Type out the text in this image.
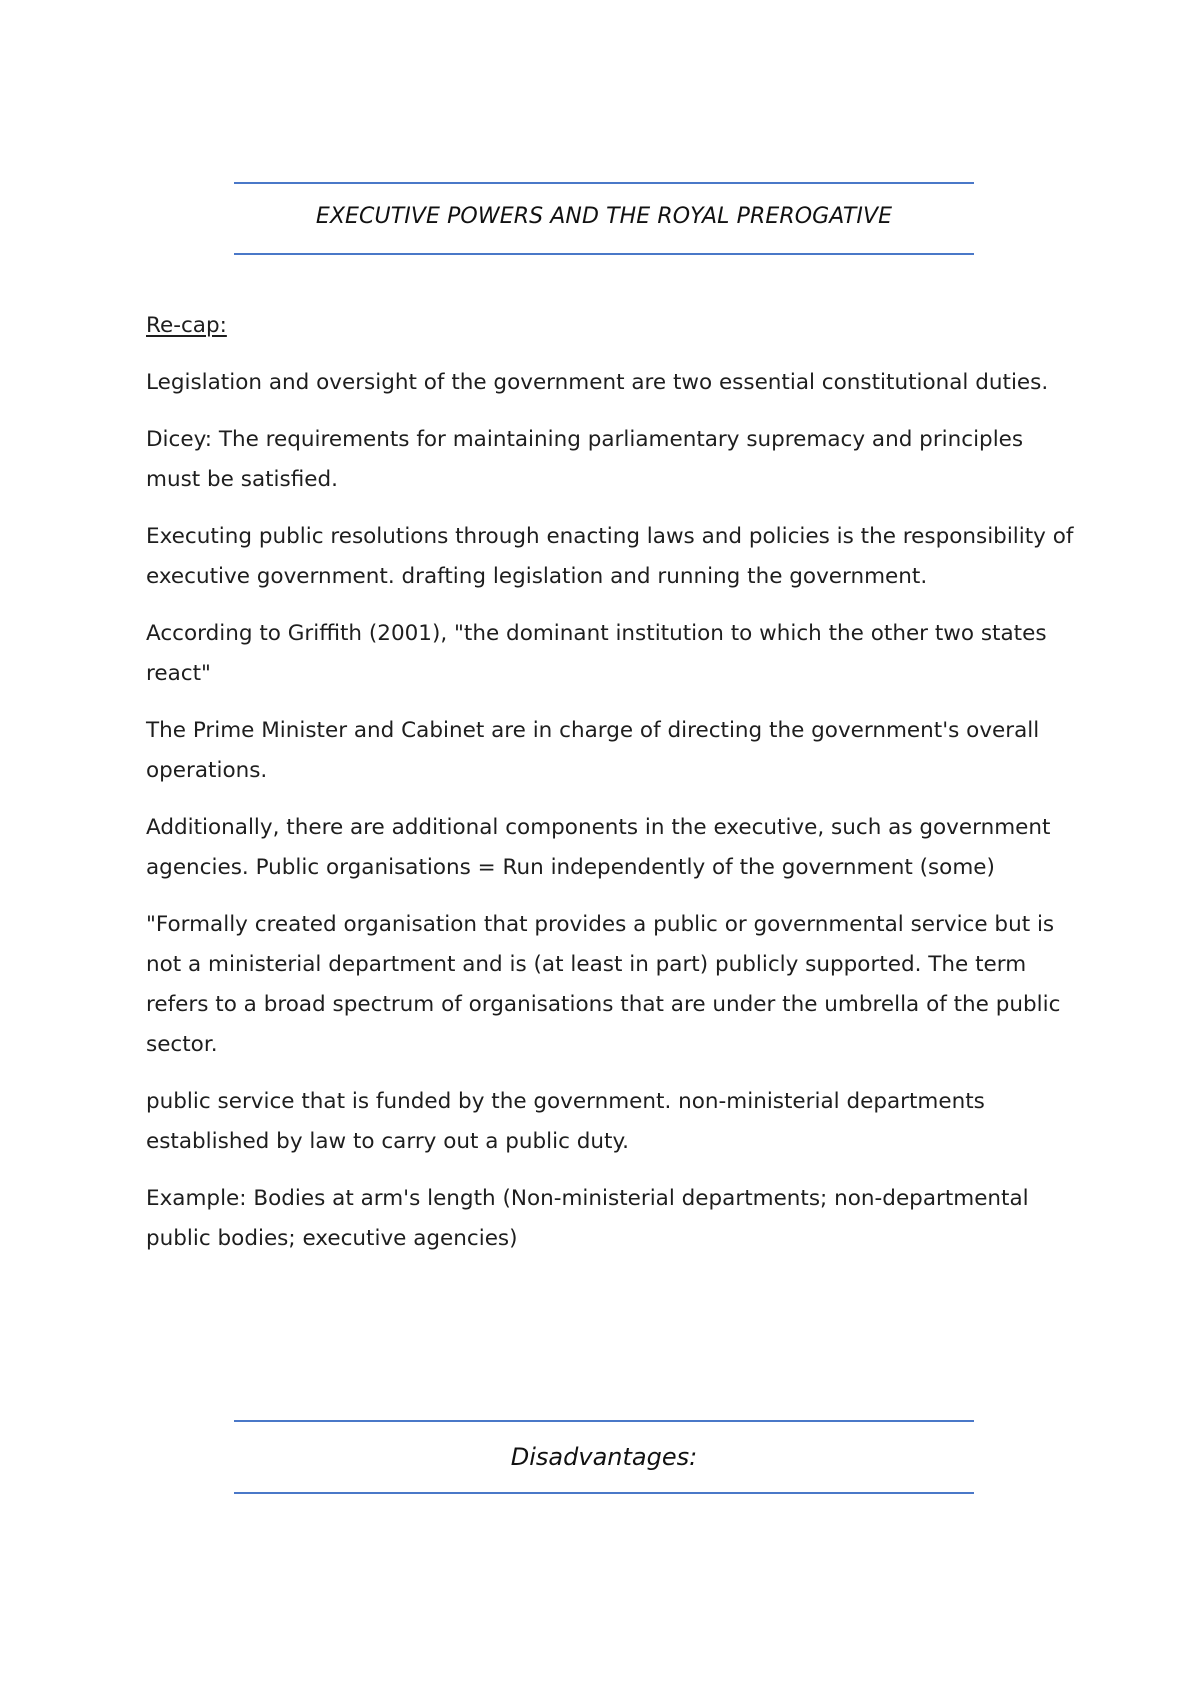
EXECUTIVE POWERS AND THE ROYAL PREROGATIVE

Re-cap:

Legislation and oversight of the government are two essential constitutional duties.

Dicey: The requirements for maintaining parliamentary supremacy and principles must be satisfied.

Executing public resolutions through enacting laws and policies is the responsibility of executive government. drafting legislation and running the government.

According to Griffith (2001), "the dominant institution to which the other two states react"

The Prime Minister and Cabinet are in charge of directing the government's overall operations.

Additionally, there are additional components in the executive, such as government agencies. Public organisations = Run independently of the government (some)

"Formally created organisation that provides a public or governmental service but is not a ministerial department and is (at least in part) publicly supported. The term refers to a broad spectrum of organisations that are under the umbrella of the public sector.

public service that is funded by the government. non-ministerial departments established by law to carry out a public duty.

Example: Bodies at arm's length (Non-ministerial departments; non-departmental public bodies; executive agencies)

Disadvantages:
